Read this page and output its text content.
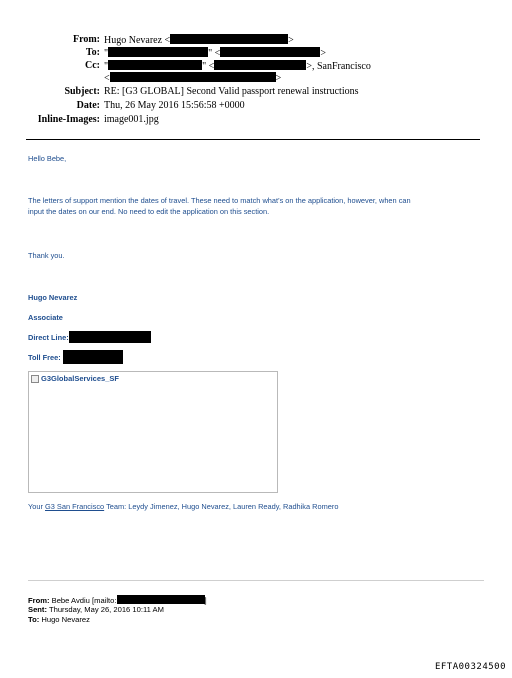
From: Hugo Nevarez <	>
To: "	" <	>
Cc: "	" <	>, SanFrancisco
<	>
Subject: RE: [G3 GLOBAL] Second Valid passport renewal instructions
Date: Thu, 26 May 2016 15:56:58 +0000
Inline-Images: image001.jpg
Hello Bebe,
The letters of support mention the dates of travel. These need to match what’s on the application, however, when can
input the dates on our end. No need to edit the application on this section.
Thank you.
Hugo Nevarez
Associate
Direct Line:
Toll Free:
G3GlobalServices_SF
Your G3 San Francisco Team: Leydy Jimenez, Hugo Nevarez, Lauren Ready, Radhika Romero
From: Bebe Avdiu [mailto:	]
Sent: Thursday, May 26, 2016 10:11 AM
To: Hugo Nevarez
EFTA00324500
